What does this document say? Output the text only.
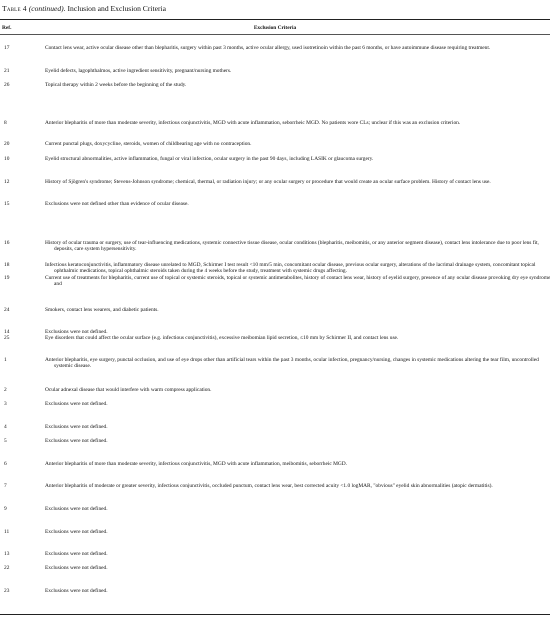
Table 4 (continued). Inclusion and Exclusion Criteria
Ref.	Exclusion Criteria
17	Contact lens wear, active ocular disease other than blepharitis, surgery within past 3 months, active ocular allergy, used isotretinoin within the past 6 months, or have autoimmune disease requiring treatment.
21	Eyelid defects, lagophthalmos, active ingredient sensitivity, pregnant/nursing mothers.
26	Topical therapy within 2 weeks before the beginning of the study.
8	Anterior blepharitis of more than moderate severity, infectious conjunctivitis, MGD with acute inflammation, seborrheic MGD. No patients wore CLs; unclear if this was an exclusion criterion.
20	Current punctal plugs, doxycycline, steroids, women of childbearing age with no contraception.
10	Eyelid structural abnormalities, active inflammation, fungal or viral infection, ocular surgery in the past 90 days, including LASIK or glaucoma surgery.
12	History of Sjögren's syndrome; Stevens-Johnson syndrome; chemical, thermal, or radiation injury; or any ocular surgery or procedure that would create an ocular surface problem. History of contact lens use.
15	Exclusions were not defined other than evidence of ocular disease.
16	History of ocular trauma or surgery, use of tear-influencing medications, systemic connective tissue disease, ocular conditions (blepharitis, meibomitis, or any anterior segment disease), contact lens intolerance due to poor lens fit, deposits, care system hypersensitivity.
18	Infectious keratoconjunctivitis, inflammatory disease unrelated to MGD, Schirmer I test result <10 mm/5 min, concomitant ocular disease, previous ocular surgery, alterations of the lacrimal drainage system, concomitant topical ophthalmic medications, topical ophthalmic steroids taken during the 4 weeks before the study, treatment with systemic drugs affecting.
19	Current use of treatments for blepharitis, current use of topical or systemic steroids, topical or systemic antimetabolites, history of contact lens wear, history of eyelid surgery, presence of any ocular disease provoking dry eye syndrome and
24	Smokers, contact lens wearers, and diabetic patients.
14	Exclusions were not defined.
25	Eye disorders that could affect the ocular surface (e.g. infectious conjunctivitis), excessive meibomian lipid secretion, ≤10 mm by Schirmer II, and contact lens use.
1	Anterior blepharitis, eye surgery, punctal occlusion, and use of eye drops other than artificial tears within the past 3 months, ocular infection, pregnancy/nursing, changes in systemic medications altering the tear film, uncontrolled systemic disease.
2	Ocular adnexal disease that would interfere with warm compress application.
3	Exclusions were not defined.
4	Exclusions were not defined.
5	Exclusions were not defined.
6	Anterior blepharitis of more than moderate severity, infectious conjunctivitis, MGD with acute inflammation, meibomitis, seborrheic MGD.
7	Anterior blepharitis of moderate or greater severity, infectious conjunctivitis, occluded punctum, contact lens wear, best corrected acuity <1.0 logMAR, "obvious" eyelid skin abnormalities (atopic dermatitis).
9	Exclusions were not defined.
11	Exclusions were not defined.
13	Exclusions were not defined.
22	Exclusions were not defined.
23	Exclusions were not defined.
